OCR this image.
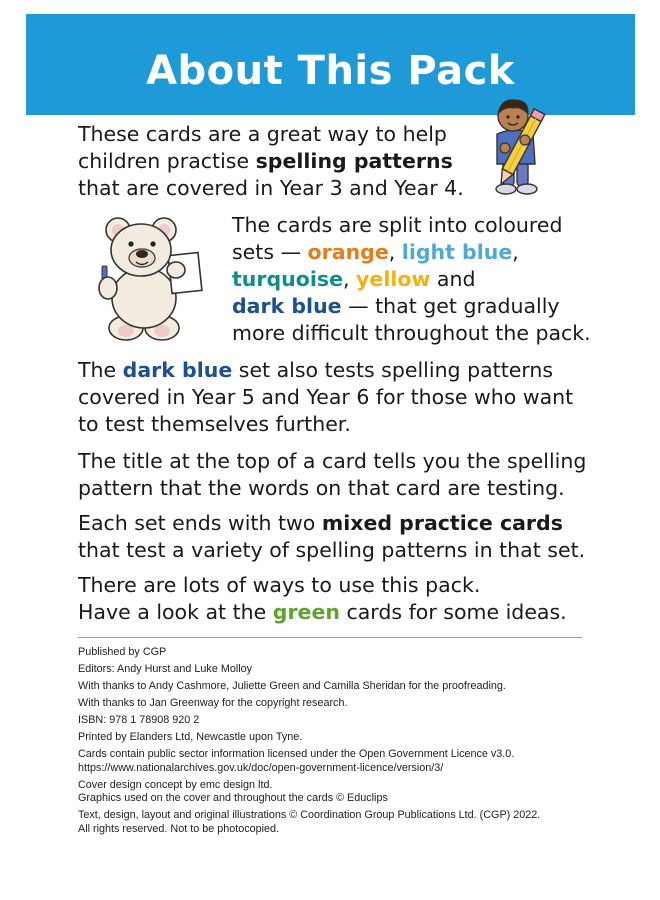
About This Pack
These cards are a great way to help
children practise spelling patterns
that are covered in Year 3 and Year 4.
The cards are split into coloured
sets — orange, light blue,
turquoise, yellow and
dark blue — that get gradually
more difficult throughout the pack.
The dark blue set also tests spelling patterns
covered in Year 5 and Year 6 for those who want
to test themselves further.
The title at the top of a card tells you the spelling
pattern that the words on that card are testing.
Each set ends with two mixed practice cards
that test a variety of spelling patterns in that set.
There are lots of ways to use this pack.
Have a look at the green cards for some ideas.

Published by CGP

Editors: Andy Hurst and Luke Molloy

With thanks to Andy Cashmore, Juliette Green and Camilla Sheridan for the proofreading.

With thanks to Jan Greenway for the copyright research.

ISBN: 978 1 78908 920 2

Printed by Elanders Ltd, Newcastle upon Tyne.

Cards contain public sector information licensed under the Open Government Licence v3.0.

https://www.nationalarchives.gov.uk/doc/open-government-licence/version/3/

Cover design concept by emc design ltd.

Graphics used on the cover and throughout the cards © Educlips

Text, design, layout and original illustrations © Coordination Group Publications Ltd. (CGP) 2022.

All rights reserved. Not to be photocopied.
